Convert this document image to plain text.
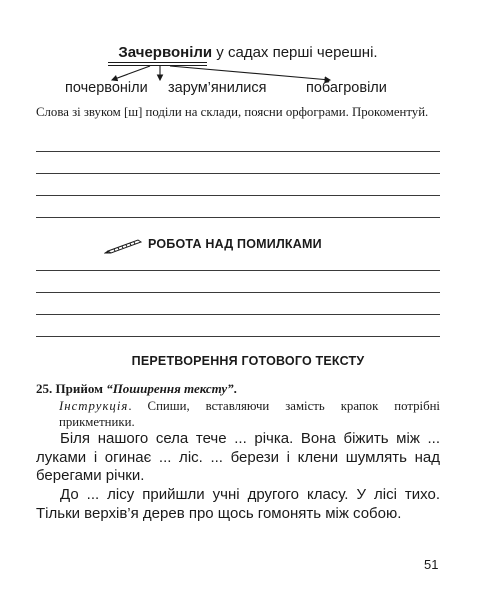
Зачервоніли у садах перші черешні.
почервоніли зарум’янилися	побагровіли
Слова зі звуком [ш] поділи на склади, поясни орфограми. Прокоментуй.
РОБОТА НАД ПОМИЛКАМИ
ПЕРЕТВОРЕННЯ ГОТОВОГО ТЕКСТУ
25. Прийом “Поширення тексту”.
Інструкція. Спиши, вставляючи замість крапок потрібні прикметники.
Біля нашого села тече ... річка. Вона біжить між ... луками і огинає ... ліс. ... берези і клени шумлять над берегами річки.
До ... лісу прийшли учні другого класу. У лісі тихо. Тільки верхів’я дерев про щось гомонять між собою.
51
